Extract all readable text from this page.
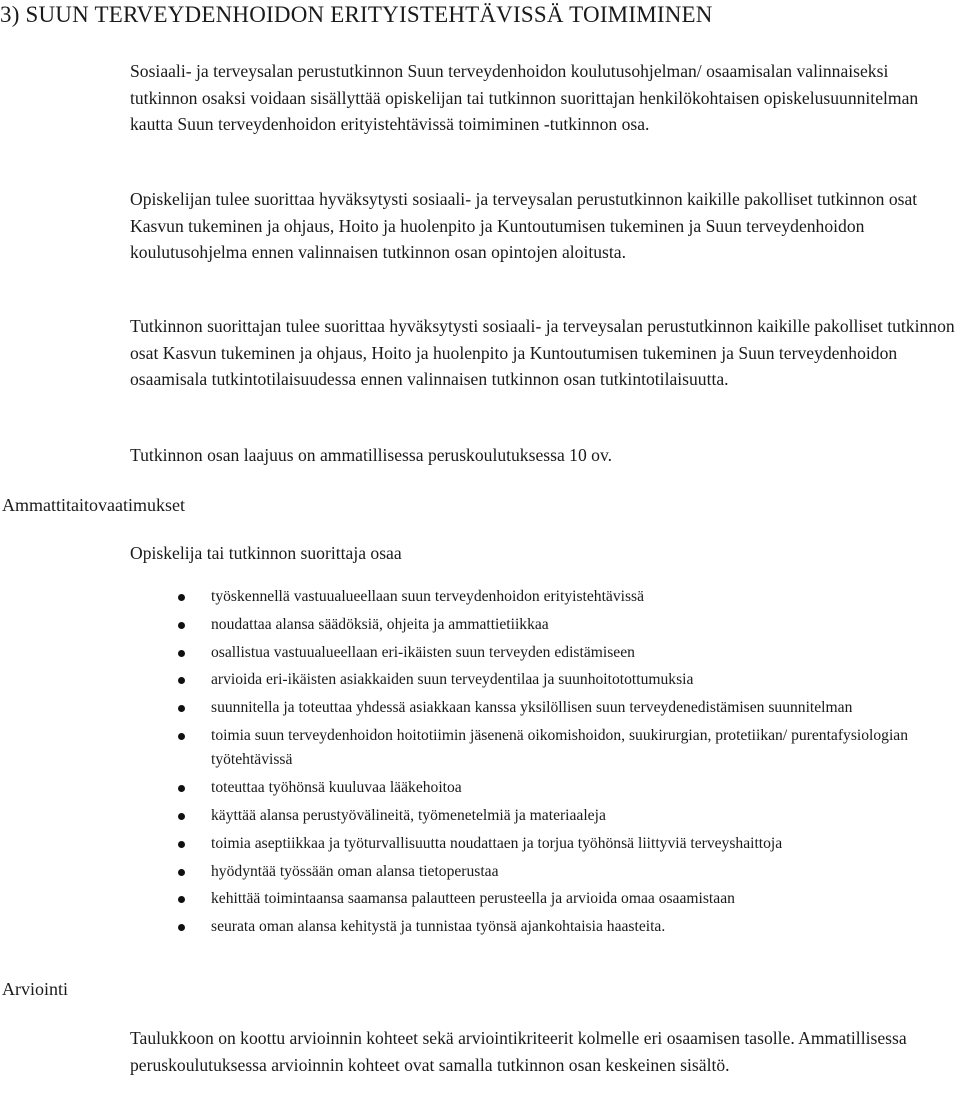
3) SUUN TERVEYDENHOIDON ERITYISTEHTÄVISSÄ TOIMIMINEN

Sosiaali- ja terveysalan perustutkinnon Suun terveydenhoidon koulutusohjelman/ osaamisalan valinnaiseksi tutkinnon osaksi voidaan sisällyttää opiskelijan tai tutkinnon suorittajan henkilökohtaisen opiskelusuunnitelman kautta Suun terveydenhoidon erityistehtävissä toimiminen -tutkinnon osa.

Opiskelijan tulee suorittaa hyväksytysti sosiaali- ja terveysalan perustutkinnon kaikille pakolliset tutkinnon osat Kasvun tukeminen ja ohjaus, Hoito ja huolenpito ja Kuntoutumisen tukeminen ja Suun terveydenhoidon koulutusohjelma ennen valinnaisen tutkinnon osan opintojen aloitusta.

Tutkinnon suorittajan tulee suorittaa hyväksytysti sosiaali- ja terveysalan perustutkinnon kaikille pakolliset tutkinnon osat Kasvun tukeminen ja ohjaus, Hoito ja huolenpito ja Kuntoutumisen tukeminen ja Suun terveydenhoidon osaamisala tutkintotilaisuudessa ennen valinnaisen tutkinnon osan tutkintotilaisuutta.

Tutkinnon osan laajuus on ammatillisessa peruskoulutuksessa 10 ov.

Ammattitaitovaatimukset

Opiskelija tai tutkinnon suorittaja osaa

työskennellä vastuualueellaan suun terveydenhoidon erityistehtävissä
noudattaa alansa säädöksiä, ohjeita ja ammattietiikkaa
osallistua vastuualueellaan eri-ikäisten suun terveyden edistämiseen
arvioida eri-ikäisten asiakkaiden suun terveydentilaa ja suunhoitotottumuksia
suunnitella ja toteuttaa yhdessä asiakkaan kanssa yksilöllisen suun terveydenedistämisen suunnitelman
toimia suun terveydenhoidon hoitotiimin jäsenenä oikomishoidon, suukirurgian, protetiikan/ purentafysiologian työtehtävissä
toteuttaa työhönsä kuuluvaa lääkehoitoa
käyttää alansa perustyövälineitä, työmenetelmiä ja materiaaleja
toimia aseptiikkaa ja työturvallisuutta noudattaen ja torjua työhönsä liittyviä terveyshaittoja
hyödyntää työssään oman alansa tietoperustaa
kehittää toimintaansa saamansa palautteen perusteella ja arvioida omaa osaamistaan
seurata oman alansa kehitystä ja tunnistaa työnsä ajankohtaisia haasteita.
Arviointi

Taulukkoon on koottu arvioinnin kohteet sekä arviointikriteerit kolmelle eri osaamisen tasolle. Ammatillisessa peruskoulutuksessa arvioinnin kohteet ovat samalla tutkinnon osan keskeinen sisältö.
